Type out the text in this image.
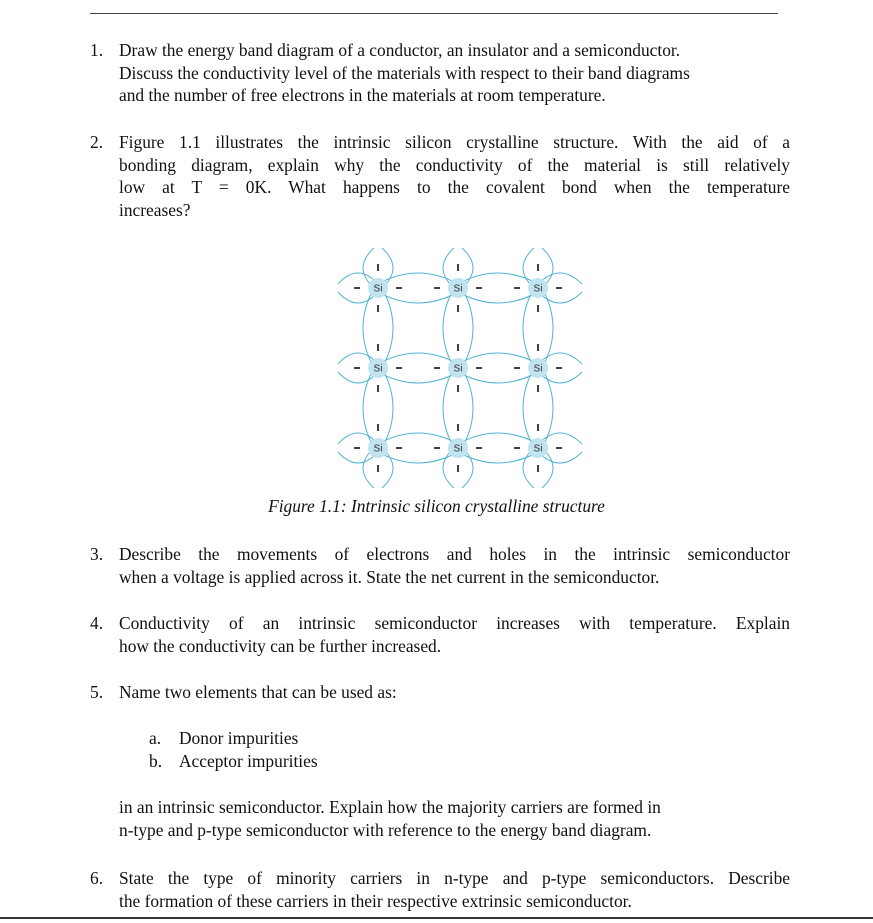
1. Draw the energy band diagram of a conductor, an insulator and a semiconductor.
Discuss the conductivity level of the materials with respect to their band diagrams
and the number of free electrons in the materials at room temperature.
2. Figure 1.1 illustrates the intrinsic silicon crystalline structure. With the aid of a
bonding diagram, explain why the conductivity of the material is still relatively
low at T = 0K. What happens to the covalent bond when the temperature
increases?
Si	Si	Si
Si	Si	Si
Si	Si	Si
Figure 1.1: Intrinsic silicon crystalline structure
3. Describe the movements of electrons and holes in the intrinsic semiconductor
when a voltage is applied across it. State the net current in the semiconductor.
4. Conductivity of an intrinsic semiconductor increases with temperature. Explain
how the conductivity can be further increased.
5. Name two elements that can be used as:
a. Donor impurities
b. Acceptor impurities
in an intrinsic semiconductor. Explain how the majority carriers are formed in
n-type and p-type semiconductor with reference to the energy band diagram.
6. State the type of minority carriers in n-type and p-type semiconductors. Describe
the formation of these carriers in their respective extrinsic semiconductor.
